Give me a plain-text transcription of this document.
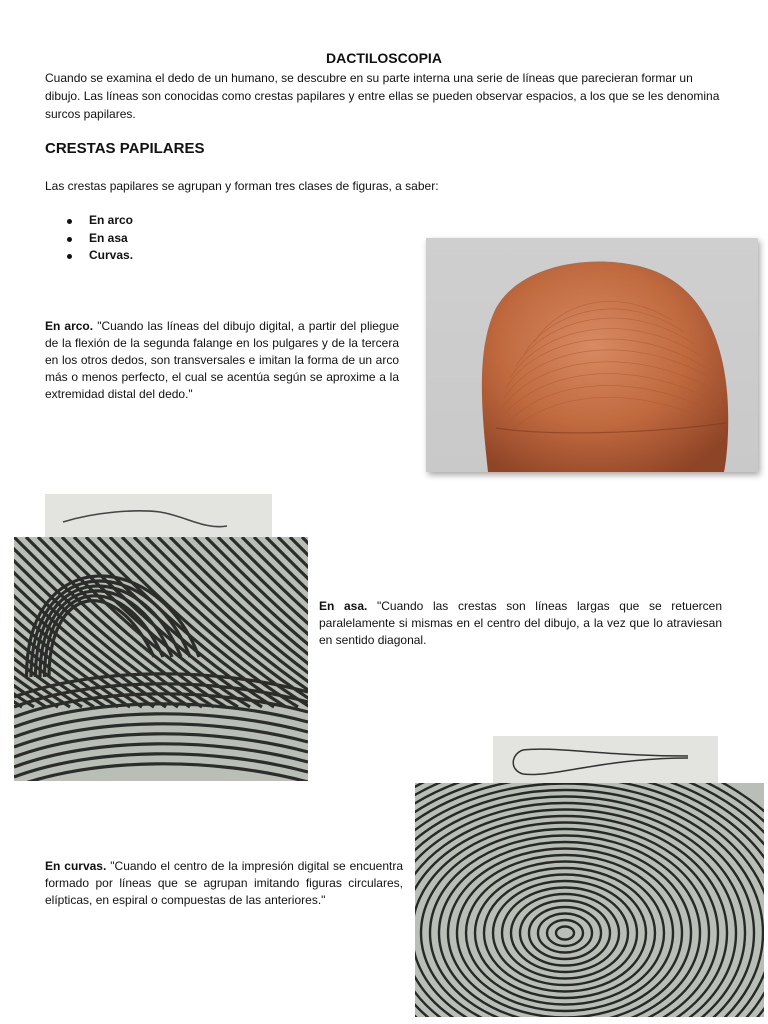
DACTILOSCOPIA
Cuando se examina el dedo de un humano, se descubre en su parte interna una serie de líneas que parecieran formar un dibujo. Las líneas son conocidas como crestas papilares y entre ellas se pueden observar espacios, a los que se les denomina surcos papilares.
CRESTAS PAPILARES
Las crestas papilares se agrupan y forman tres clases de figuras, a saber:
En arco
En asa
Curvas.
En arco. "Cuando las líneas del dibujo digital, a partir del pliegue de la flexión de la segunda falange en los pulgares y de la tercera en los otros dedos, son transversales e imitan la forma de un arco más o menos perfecto, el cual se acentúa según se aproxime a la extremidad distal del dedo."
En asa. "Cuando las crestas son líneas largas que se retuercen paralelamente si mismas en el centro del dibujo, a la vez que lo atraviesan en sentido diagonal.
En curvas. "Cuando el centro de la impresión digital se encuentra formado por líneas que se agrupan imitando figuras circulares, elípticas, en espiral o compuestas de las anteriores."
